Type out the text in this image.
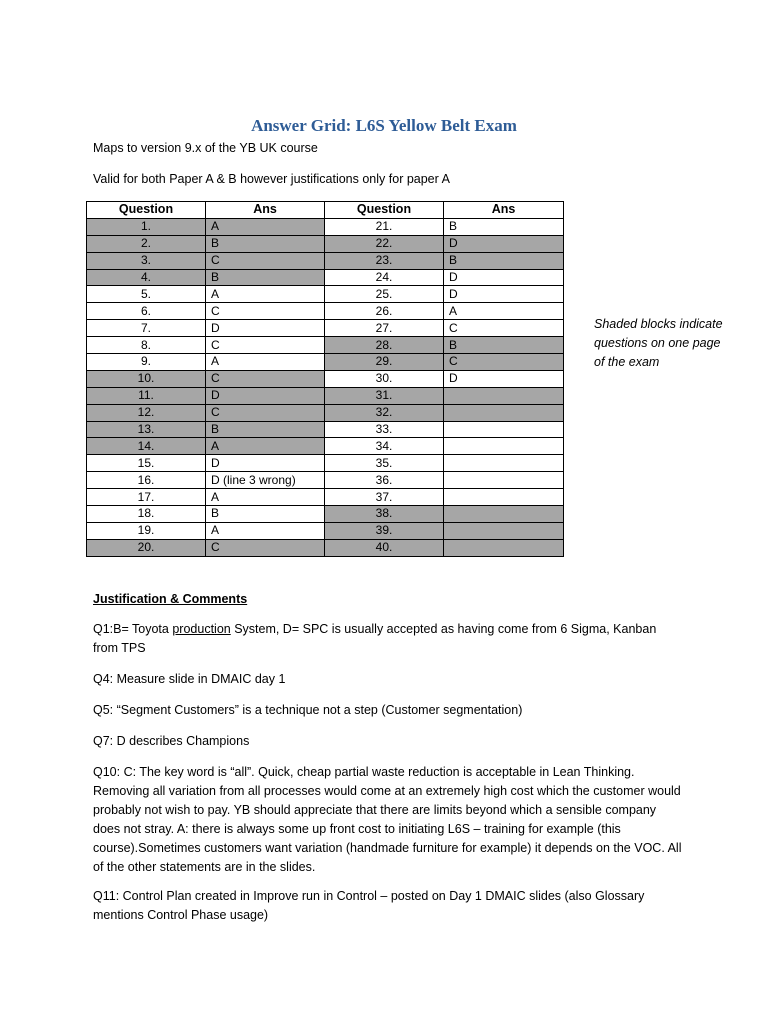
Answer Grid: L6S Yellow Belt Exam
Maps to version 9.x of the YB UK course
Valid for both Paper A & B however justifications only for paper A
Question	Ans	Question	Ans
1.	A	21.	B
2.	B	22.	D
3.	C	23.	B
4.	B	24.	D
5.	A	25.	D
6.	C	26.	A
7.	D	27.	C
8.	C	28.	B
9.	A	29.	C
10.	C	30.	D
11.	D	31.	
12.	C	32.	
13.	B	33.	
14.	A	34.	
15.	D	35.	
16.	D (line 3 wrong)	36.	
17.	A	37.	
18.	B	38.	
19.	A	39.	
20.	C	40.	
Shaded blocks indicate
questions on one page
of the exam
Justification & Comments
Q1:B= Toyota production System, D= SPC is usually accepted as having come from 6 Sigma, Kanban from TPS
Q4: Measure slide in DMAIC day 1
Q5: “Segment Customers” is a technique not a step (Customer segmentation)
Q7: D describes Champions
Q10: C: The key word is “all”. Quick, cheap partial waste reduction is acceptable in Lean Thinking. Removing all variation from all processes would come at an extremely high cost which the customer would probably not wish to pay. YB should appreciate that there are limits beyond which a sensible company does not stray. A: there is always some up front cost to initiating L6S – training for example (this course).Sometimes customers want variation (handmade furniture for example) it depends on the VOC. All of the other statements are in the slides.
Q11: Control Plan created in Improve run in Control – posted on Day 1 DMAIC slides (also Glossary mentions Control Phase usage)
